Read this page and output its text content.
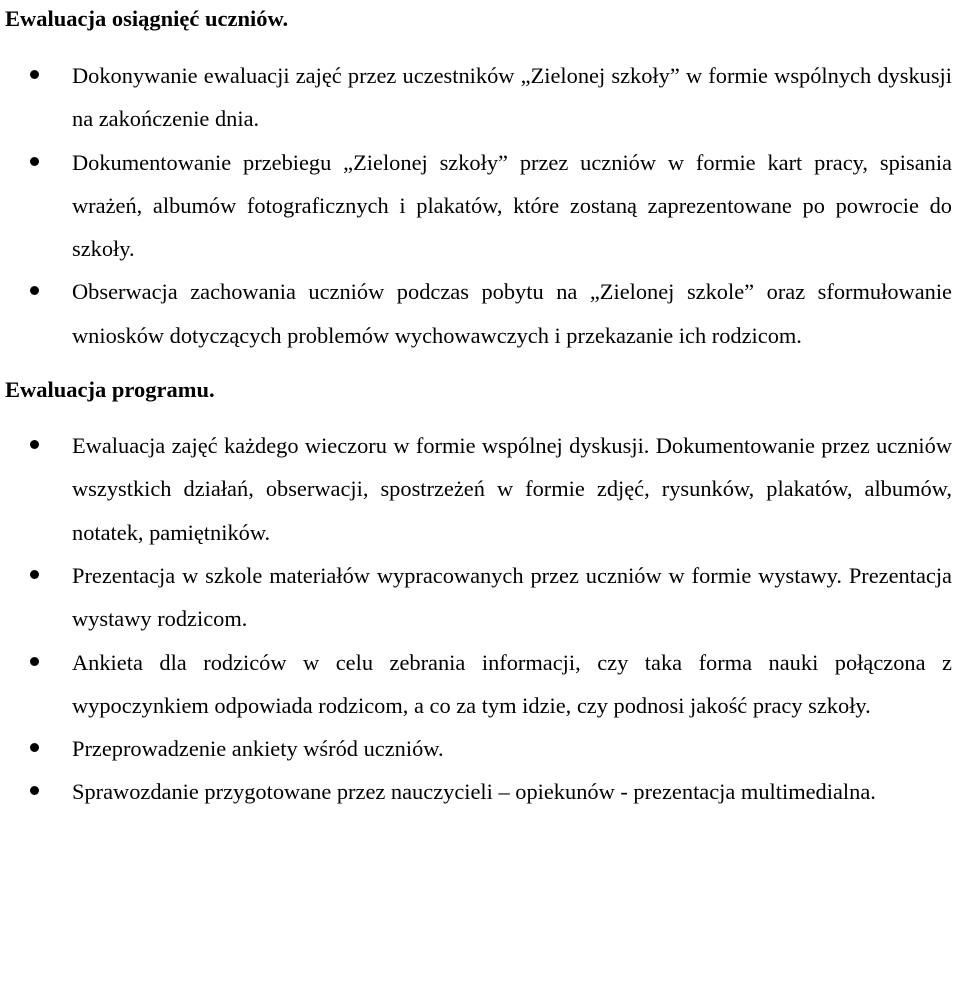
Ewaluacja osiągnięć uczniów.
Dokonywanie ewaluacji zajęć przez uczestników „Zielonej szkoły” w formie wspólnych dyskusji na zakończenie dnia.
Dokumentowanie przebiegu „Zielonej szkoły” przez uczniów w formie kart pracy, spisania wrażeń, albumów fotograficznych i plakatów, które zostaną zaprezentowane po powrocie do szkoły.
Obserwacja zachowania uczniów podczas pobytu na „Zielonej szkole” oraz sformułowanie wniosków dotyczących problemów wychowawczych i przekazanie ich rodzicom.
Ewaluacja programu.
Ewaluacja zajęć każdego wieczoru w formie wspólnej dyskusji. Dokumentowanie przez uczniów wszystkich działań, obserwacji, spostrzeżeń w formie zdjęć, rysunków, plakatów, albumów, notatek, pamiętników.
Prezentacja w szkole materiałów wypracowanych przez uczniów w formie wystawy. Prezentacja wystawy rodzicom.
Ankieta dla rodziców w celu zebrania informacji, czy taka forma nauki połączona z wypoczynkiem odpowiada rodzicom, a co za tym idzie, czy podnosi jakość pracy szkoły.
Przeprowadzenie ankiety wśród uczniów.
Sprawozdanie przygotowane przez nauczycieli – opiekunów - prezentacja multimedialna.
